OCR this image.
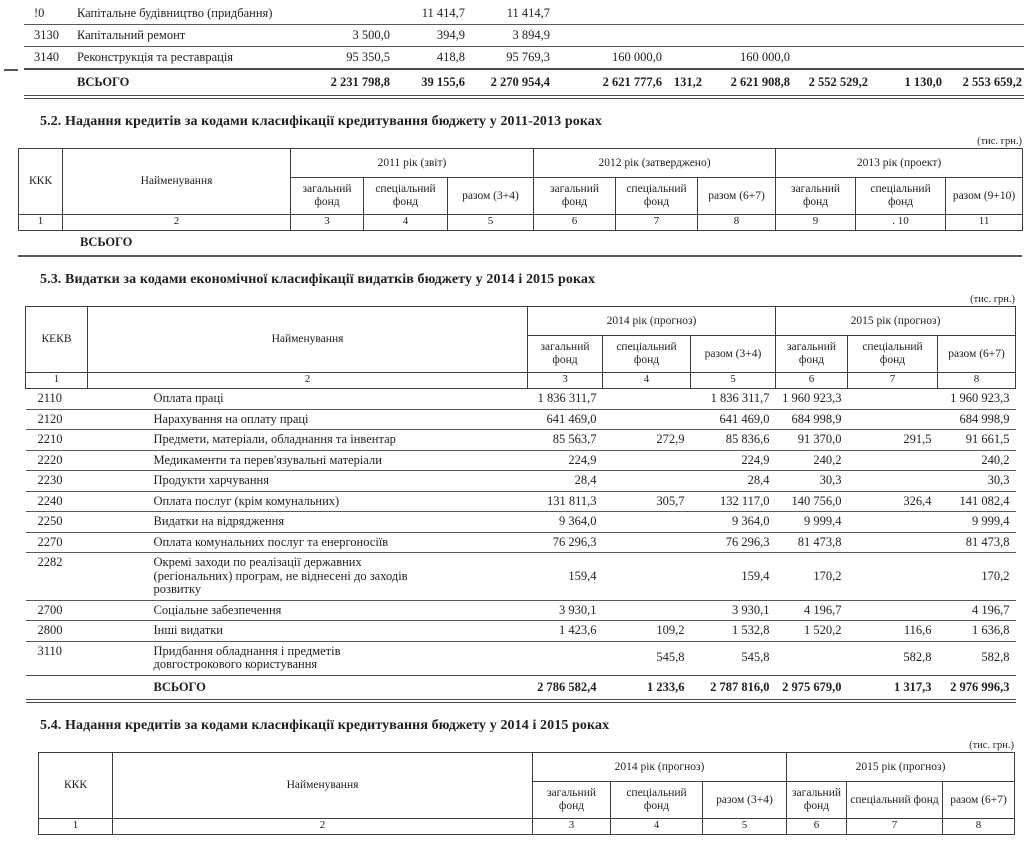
!0	Капітальне будівництво (придбання)		11 414,7	11 414,7						
3130	Капітальний ремонт	3 500,0	394,9	3 894,9						
3140	Реконструкція та реставрація	95 350,5	418,8	95 769,3	160 000,0		160 000,0			
	ВСЬОГО	2 231 798,8	39 155,6	2 270 954,4	2 621 777,6	131,2	2 621 908,8	2 552 529,2	1 130,0	2 553 659,2
5.2. Надання кредитів за кодами класифікації кредитування бюджету у 2011-2013 роках
(тис. грн.)
ККК	Найменування	2011 рік (звіт)			2012 рік (затверджено)			2013 рік (проект)		
		загальний фонд	спеціальний фонд	разом (3+4)	загальний фонд	спеціальний фонд	разом (6+7)	загальний фонд	спеціальний фонд	разом (9+10)
1	2	3	4	5	6	7	8	9	. 10	11
ВСЬОГО
5.3. Видатки за кодами економічної класифікації видатків бюджету у 2014 і 2015 роках
(тис. грн.)
КЕКВ	Найменування	2014 рік (прогноз)			2015 рік (прогноз)		
		загальний фонд	спеціальний фонд	разом (3+4)	загальний фонд	спеціальний фонд	разом (6+7)
1	2	3	4	5	6	7	8
2110	Оплата праці	1 836 311,7		1 836 311,7	1 960 923,3		1 960 923,3
2120	Нарахування на оплату праці	641 469,0		641 469,0	684 998,9		684 998,9
2210	Предмети, матеріали, обладнання та інвентар	85 563,7	272,9	85 836,6	91 370,0	291,5	91 661,5
2220	Медикаменти та перев'язувальні матеріали	224,9		224,9	240,2		240,2
2230	Продукти харчування	28,4		28,4	30,3		30,3
2240	Оплата послуг (крім комунальних)	131 811,3	305,7	132 117,0	140 756,0	326,4	141 082,4
2250	Видатки на відрядження	9 364,0		9 364,0	9 999,4		9 999,4
2270	Оплата комунальних послуг та енергоносіїв	76 296,3		76 296,3	81 473,8		81 473,8
2282	Окремі заходи по реалізації державних (регіональних) програм, не віднесені до заходів розвитку	159,4		159,4	170,2		170,2
2700	Соціальне забезпечення	3 930,1		3 930,1	4 196,7		4 196,7
2800	Інші видатки	1 423,6	109,2	1 532,8	1 520,2	116,6	1 636,8
3110	Придбання обладнання і предметів довгострокового користування		545,8	545,8		582,8	582,8
	ВСЬОГО	2 786 582,4	1 233,6	2 787 816,0	2 975 679,0	1 317,3	2 976 996,3
5.4. Надання кредитів за кодами класифікації кредитування бюджету у 2014 і 2015 роках
(тис. грн.)
ККК	Найменування	2014 рік (прогноз)			2015 рік (прогноз)		
		загальний фонд	спеціальний фонд	разом (3+4)	загальний фонд	спеціальний фонд	разом (6+7)
1	2	3	4	5	6	7	8
